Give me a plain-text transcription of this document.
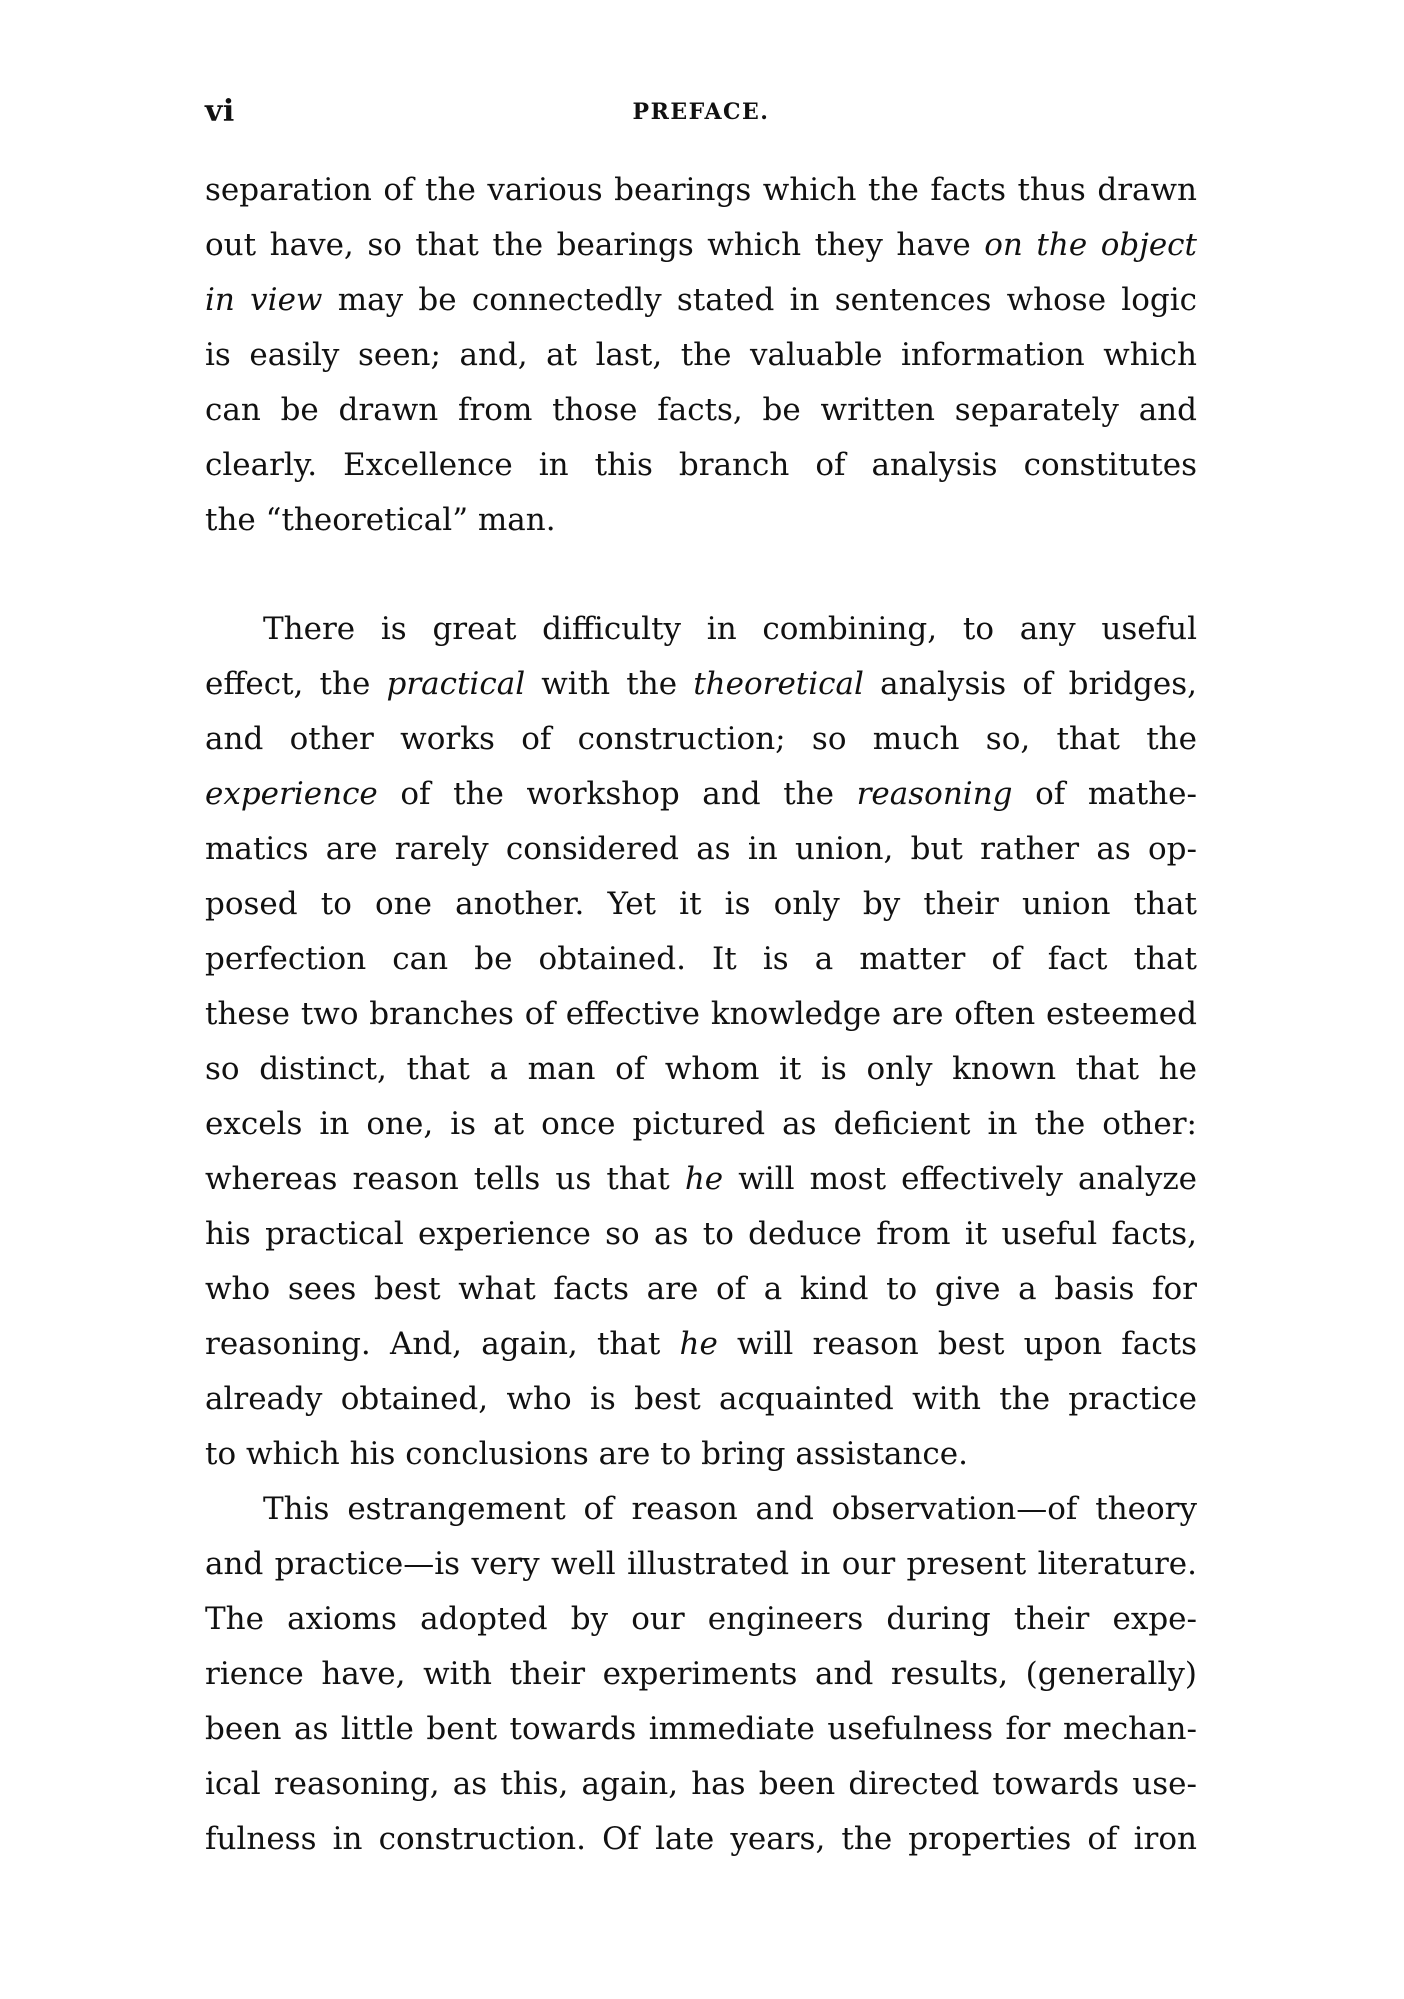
vi	PREFACE.
separation of the various bearings which the facts thus drawn
out have, so that the bearings which they have on the object
in view may be connectedly stated in sentences whose logic
is easily seen; and, at last, the valuable information which
can be drawn from those facts, be written separately and
clearly. Excellence in this branch of analysis constitutes
the “theoretical” man.
There is great difficulty in combining, to any useful
effect, the practical with the theoretical analysis of bridges,
and other works of construction; so much so, that the
experience of the workshop and the reasoning of mathe-
matics are rarely considered as in union, but rather as op-
posed to one another. Yet it is only by their union that
perfection can be obtained. It is a matter of fact that
these two branches of effective knowledge are often esteemed
so distinct, that a man of whom it is only known that he
excels in one, is at once pictured as deficient in the other:
whereas reason tells us that he will most effectively analyze
his practical experience so as to deduce from it useful facts,
who sees best what facts are of a kind to give a basis for
reasoning. And, again, that he will reason best upon facts
already obtained, who is best acquainted with the practice
to which his conclusions are to bring assistance.
This estrangement of reason and observation—of theory
and practice—is very well illustrated in our present literature.
The axioms adopted by our engineers during their expe-
rience have, with their experiments and results, (generally)
been as little bent towards immediate usefulness for mechan-
ical reasoning, as this, again, has been directed towards use-
fulness in construction. Of late years, the properties of iron
